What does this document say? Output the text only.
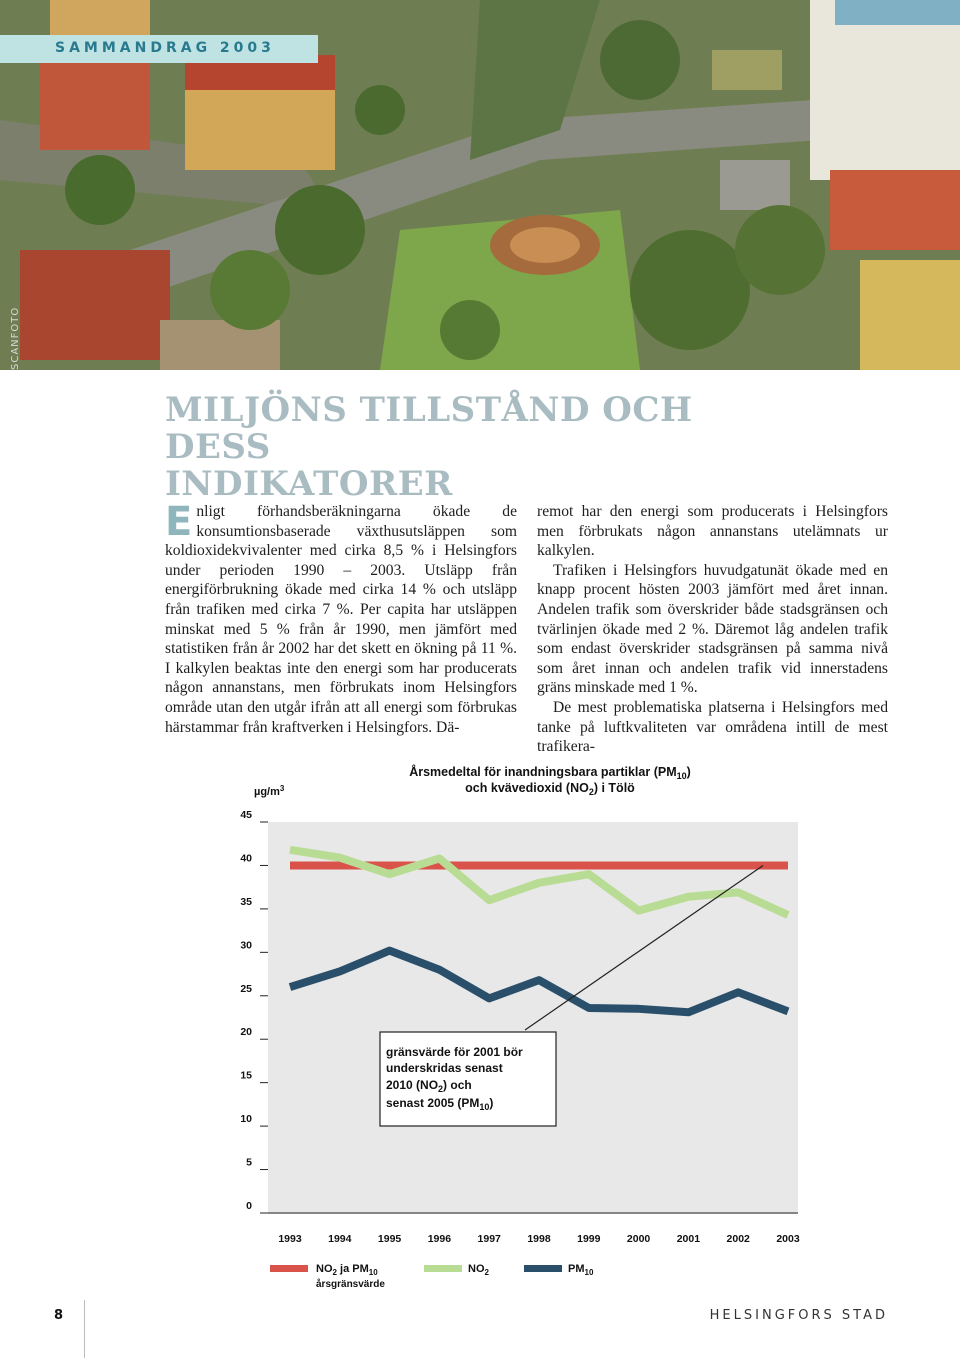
SAMMANDRAG 2003
SCANFOTO
MILJÖNS TILLSTÅND OCH DESS
INDIKATORER

Enligt förhandsberäkningarna ökade de konsumtionsbaserade växthusutsläppen som koldioxidekvivalenter med cirka 8,5 % i Helsingfors under perioden 1990 – 2003. Utsläpp från energiförbrukning ökade med cirka 14 % och utsläpp från trafiken med cirka 7 %. Per capita har utsläppen minskat med 5 % från år 1990, men jämfört med statistiken från år 2002 har det skett en ökning på 11 %. I kalkylen beaktas inte den energi som har producerats någon annanstans, men förbrukats inom Helsingfors område utan den utgår ifrån att all energi som förbrukas härstammar från kraftverken i Helsingfors. Dä-

remot har den energi som producerats i Helsingfors men förbrukats någon annanstans utelämnats ur kalkylen.

Trafiken i Helsingfors huvudgatunät ökade med en knapp procent hösten 2003 jämfört med året innan. Andelen trafik som överskrider både stadsgränsen och tvärlinjen ökade med 2 %. Däremot låg andelen trafik som endast överskrider stadsgränsen på samma nivå som året innan och andelen trafik vid innerstadens gräns minskade med 1 %.

De mest problematiska platserna i Helsingfors med tanke på luftkvaliteten var områdena intill de mest trafikera-

0
5
10
15
20
25
30
35
40
45
1993	1994	1995	1996	1997	1998	1999	2000	2001	2002	2003
Årsmedeltal för inandningsbara partiklar $(PM_{10})$
och kvävedioxid $(NO_2)$ i Tölö
$\mu g/m^3$
gränsvärde för 2001 bör
underskridas senast
2010 $(NO_2)$ och
senast 2005 $(PM_{10})$
$NO_2$ ja $PM_{10}$
årsgränsvärde
$NO_2$	$PM_{10}$
8	HELSINGFORS STAD
